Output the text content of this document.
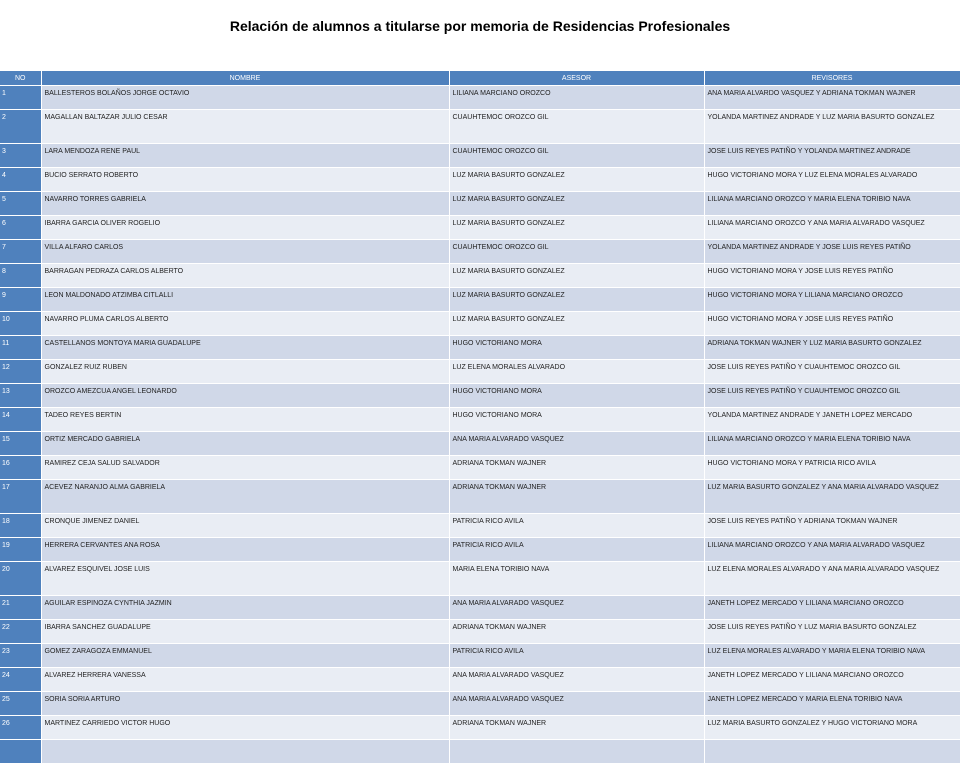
Relación de alumnos a titularse por memoria de Residencias Profesionales
NO	NOMBRE	ASESOR	REVISORES
1	BALLESTEROS BOLAÑOS JORGE OCTAVIO	LILIANA MARCIANO OROZCO	ANA MARIA ALVARDO VASQUEZ Y ADRIANA TOKMAN WAJNER
2	MAGALLAN BALTAZAR JULIO CESAR	CUAUHTEMOC OROZCO GIL	YOLANDA MARTINEZ ANDRADE Y LUZ MARIA BASURTO GONZALEZ
3	LARA MENDOZA RENE PAUL	CUAUHTEMOC OROZCO GIL	JOSE LUIS REYES PATIÑO Y YOLANDA MARTINEZ ANDRADE
4	BUCIO SERRATO ROBERTO	LUZ MARIA BASURTO GONZALEZ	HUGO VICTORIANO MORA Y LUZ ELENA MORALES ALVARADO
5	NAVARRO TORRES GABRIELA	LUZ MARIA BASURTO GONZALEZ	LILIANA MARCIANO OROZCO Y MARIA ELENA TORIBIO NAVA
6	IBARRA GARCIA OLIVER ROGELIO	LUZ MARIA BASURTO GONZALEZ	LILIANA MARCIANO OROZCO Y ANA MARIA ALVARADO VASQUEZ
7	VILLA ALFARO CARLOS	CUAUHTEMOC OROZCO GIL	YOLANDA MARTINEZ ANDRADE Y JOSE LUIS REYES PATIÑO
8	BARRAGAN PEDRAZA CARLOS ALBERTO	LUZ MARIA BASURTO GONZALEZ	HUGO VICTORIANO MORA Y JOSE LUIS REYES PATIÑO
9	LEON MALDONADO ATZIMBA CITLALLI	LUZ MARIA BASURTO GONZALEZ	HUGO VICTORIANO MORA Y LILIANA MARCIANO OROZCO
10	NAVARRO PLUMA CARLOS ALBERTO	LUZ MARIA BASURTO GONZALEZ	HUGO VICTORIANO MORA Y JOSE LUIS REYES PATIÑO
11	CASTELLANOS MONTOYA MARIA GUADALUPE	HUGO VICTORIANO MORA	ADRIANA TOKMAN WAJNER Y LUZ MARIA BASURTO GONZALEZ
12	GONZALEZ RUIZ RUBEN	LUZ ELENA MORALES ALVARADO	JOSE LUIS REYES PATIÑO Y CUAUHTEMOC OROZCO GIL
13	OROZCO AMEZCUA ANGEL LEONARDO	HUGO VICTORIANO MORA	JOSE LUIS REYES PATIÑO Y CUAUHTEMOC OROZCO GIL
14	TADEO REYES BERTIN	HUGO VICTORIANO MORA	YOLANDA MARTINEZ ANDRADE Y JANETH LOPEZ MERCADO
15	ORTIZ MERCADO GABRIELA	ANA MARIA ALVARADO VASQUEZ	LILIANA MARCIANO OROZCO Y MARIA ELENA TORIBIO NAVA
16	RAMIREZ CEJA SALUD SALVADOR	ADRIANA TOKMAN WAJNER	HUGO VICTORIANO MORA Y PATRICIA RICO AVILA
17	ACEVEZ NARANJO ALMA GABRIELA	ADRIANA TOKMAN WAJNER	LUZ MARIA BASURTO GONZALEZ Y ANA MARIA ALVARADO VASQUEZ
18	CRONQUE JIMENEZ DANIEL	PATRICIA RICO AVILA	JOSE LUIS REYES PATIÑO Y ADRIANA TOKMAN WAJNER
19	HERRERA CERVANTES ANA ROSA	PATRICIA RICO AVILA	LILIANA MARCIANO OROZCO Y ANA MARIA ALVARADO VASQUEZ
20	ALVAREZ ESQUIVEL JOSE LUIS	MARIA ELENA TORIBIO NAVA	LUZ ELENA MORALES ALVARADO Y ANA MARIA ALVARADO VASQUEZ
21	AGUILAR ESPINOZA CYNTHIA JAZMIN	ANA MARIA ALVARADO VASQUEZ	JANETH LOPEZ MERCADO Y LILIANA MARCIANO OROZCO
22	IBARRA SANCHEZ GUADALUPE	ADRIANA TOKMAN WAJNER	JOSE LUIS REYES PATIÑO Y LUZ MARIA BASURTO GONZALEZ
23	GOMEZ ZARAGOZA EMMANUEL	PATRICIA RICO AVILA	LUZ ELENA MORALES ALVARADO Y MARIA ELENA TORIBIO NAVA
24	ALVAREZ HERRERA VANESSA	ANA MARIA ALVARADO VASQUEZ	JANETH LOPEZ MERCADO Y LILIANA MARCIANO OROZCO
25	SORIA SORIA ARTURO	ANA MARIA ALVARADO VASQUEZ	JANETH LOPEZ MERCADO Y MARIA ELENA TORIBIO NAVA
26	MARTINEZ CARRIEDO VICTOR HUGO	ADRIANA TOKMAN WAJNER	LUZ MARIA BASURTO GONZALEZ Y HUGO VICTORIANO MORA
